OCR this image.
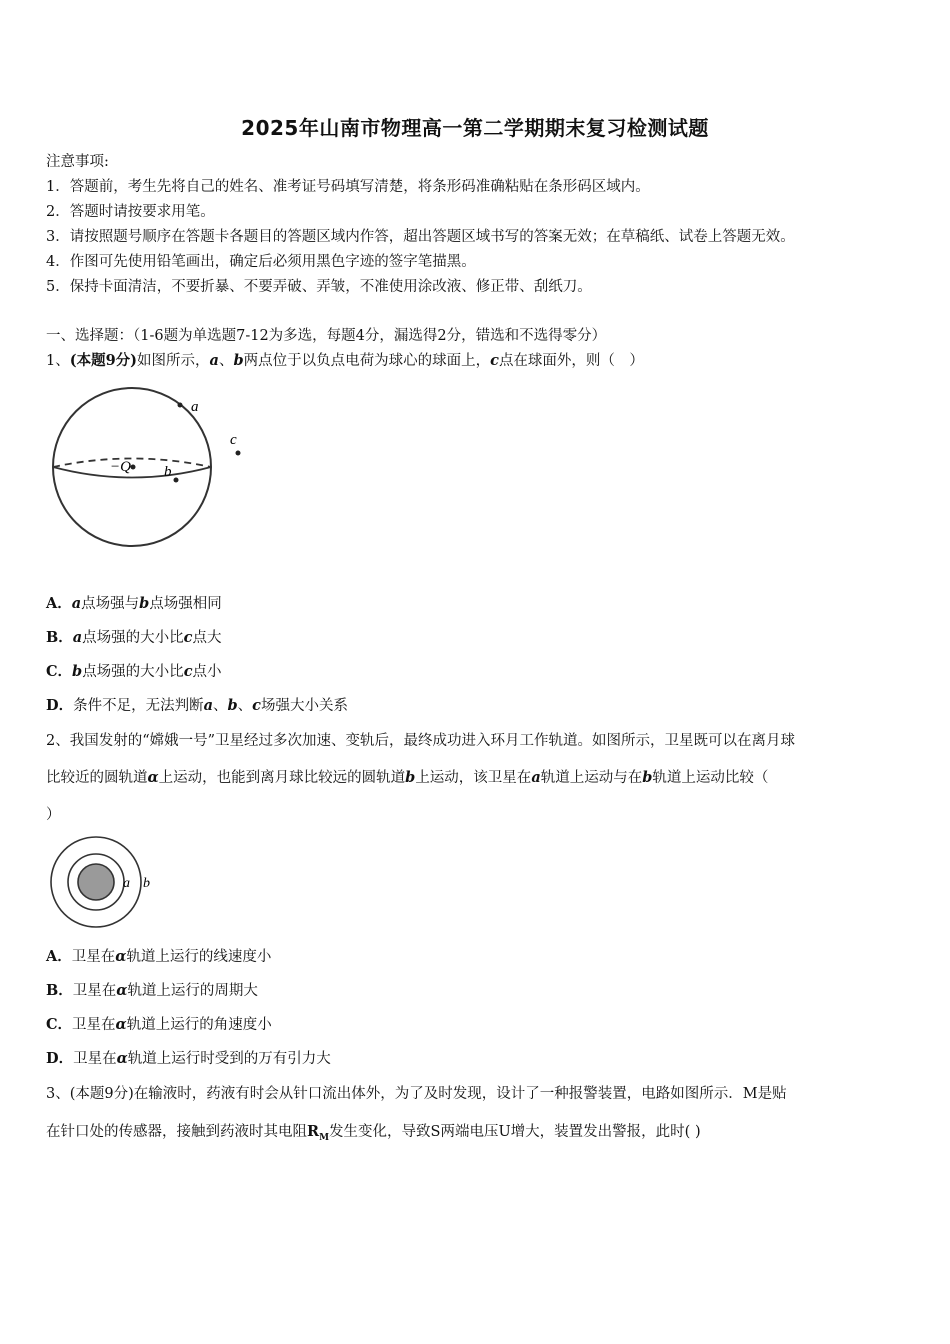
2025年山南市物理高一第二学期期末复习检测试题
注意事项:
1．答题前，考生先将自己的姓名、准考证号码填写清楚，将条形码准确粘贴在条形码区域内。
2．答题时请按要求用笔。
3．请按照题号顺序在答题卡各题目的答题区域内作答，超出答题区域书写的答案无效；在草稿纸、试卷上答题无效。
4．作图可先使用铅笔画出，确定后必须用黑色字迹的签字笔描黑。
5．保持卡面清洁，不要折暴、不要弄破、弄皱，不准使用涂改液、修正带、刮纸刀。
一、选择题：（1-6题为单选题7-12为多选，每题4分，漏选得2分，错选和不选得零分）
1、(本题9分)如图所示，a、b两点位于以负点电荷为球心的球面上，c点在球面外，则（　）
a
−Q b
c
A．a点场强与b点场强相同
B．a点场强的大小比c点大
C．b点场强的大小比c点小
D．条件不足，无法判断a、b、c场强大小关系
2、我国发射的“嫦娥一号”卫星经过多次加速、变轨后，最终成功进入环月工作轨道。如图所示，卫星既可以在离月球
比较近的圆轨道α上运动，也能到离月球比较远的圆轨道b上运动，该卫星在a轨道上运动与在b轨道上运动比较（
）
a b
A．卫星在α轨道上运行的线速度小
B．卫星在α轨道上运行的周期大
C．卫星在α轨道上运行的角速度小
D．卫星在α轨道上运行时受到的万有引力大
3、(本题9分)在输液时，药液有时会从针口流出体外，为了及时发现，设计了一种报警装置，电路如图所示．M是贴
在针口处的传感器，接触到药液时其电阻$R_M$发生变化，导致S两端电压U增大，装置发出警报，此时( )
